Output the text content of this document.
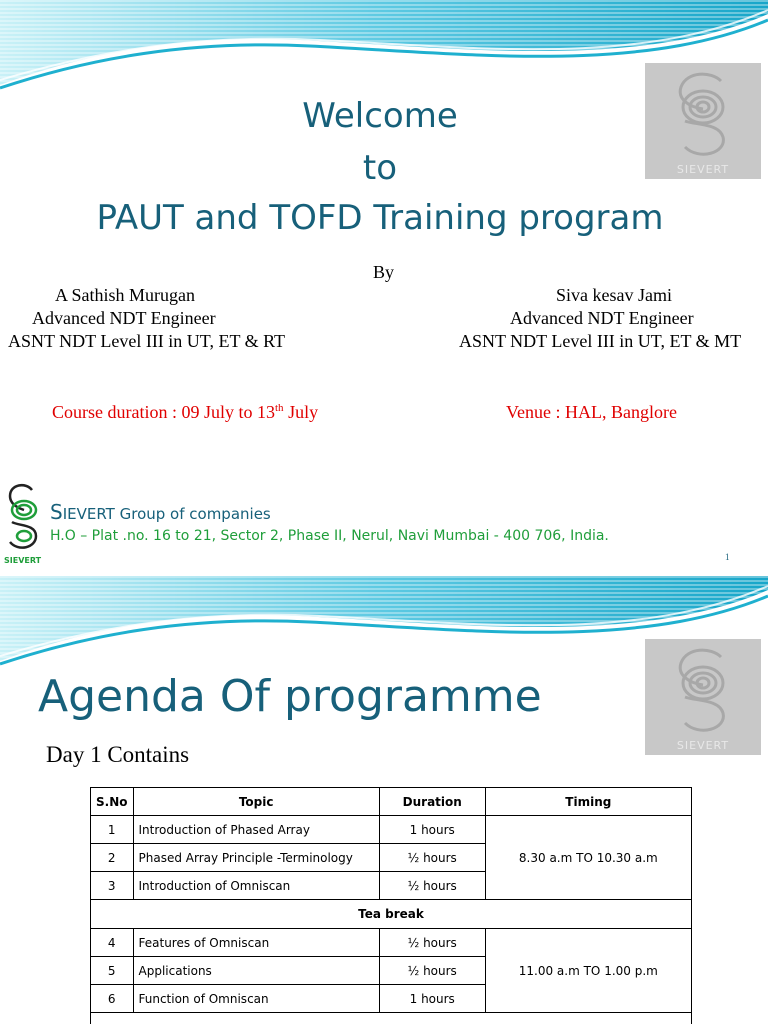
SIEVERT
Welcome
to
PAUT and TOFD Training program
By
A Sathish Murugan
Advanced NDT Engineer
ASNT NDT Level III in UT, ET & RT
Siva kesav Jami
Advanced NDT Engineer
ASNT NDT Level III in UT, ET & MT
Course duration : 09 July to 13th July	Venue : HAL, Banglore
SIEVERT
SIEVERT Group of companies
H.O – Plat .no. 16 to 21, Sector 2, Phase II, Nerul, Navi Mumbai - 400 706, India.
1
SIEVERT
Agenda Of programme
Day 1 Contains
S.No	Topic	Duration	Timing
1	Introduction of Phased Array	1 hours	8.30 a.m TO 10.30 a.m
2	Phased Array Principle -Terminology	½ hours	
3	Introduction of Omniscan	½ hours	
Tea break			
4	Features of Omniscan	½ hours	11.00 a.m TO 1.00 p.m
5	Applications	½ hours	
6	Function of Omniscan	1 hours	
